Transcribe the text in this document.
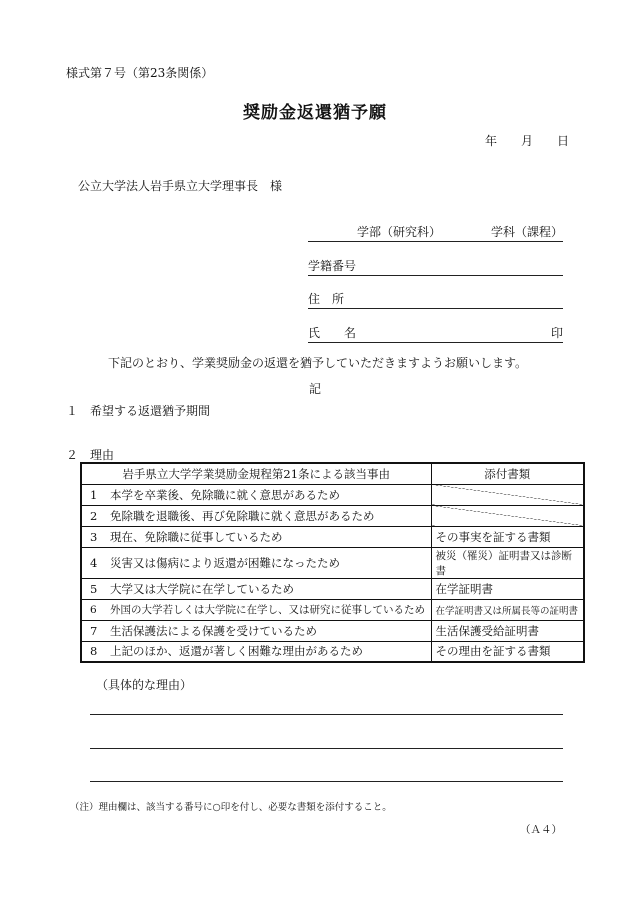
様式第７号（第23条関係）
奨励金返還猶予願
年 月 日
公立大学法人岩手県立大学理事長　様
学部（研究科）	学科（課程）
学籍番号
住　所
氏　　名	印
下記のとおり、学業奨励金の返還を猶予していただきますようお願いします。
記
１　希望する返還猶予期間
２　理由
岩手県立大学学業奨励金規程第21条による該当事由	添付書類
1 本学を卒業後、免除職に就く意思があるため	
2 免除職を退職後、再び免除職に就く意思があるため	
3 現在、免除職に従事しているため	その事実を証する書類
4 災害又は傷病により返還が困難になったため	被災（罹災）証明書又は診断書
5 大学又は大学院に在学しているため	在学証明書
6 外国の大学若しくは大学院に在学し、又は研究に従事しているため	在学証明書又は所属長等の証明書
7 生活保護法による保護を受けているため	生活保護受給証明書
8 上記のほか、返還が著しく困難な理由があるため	その理由を証する書類
（具体的な理由）
（注）理由欄は、該当する番号に○印を付し、必要な書類を添付すること。
（Ａ４）
